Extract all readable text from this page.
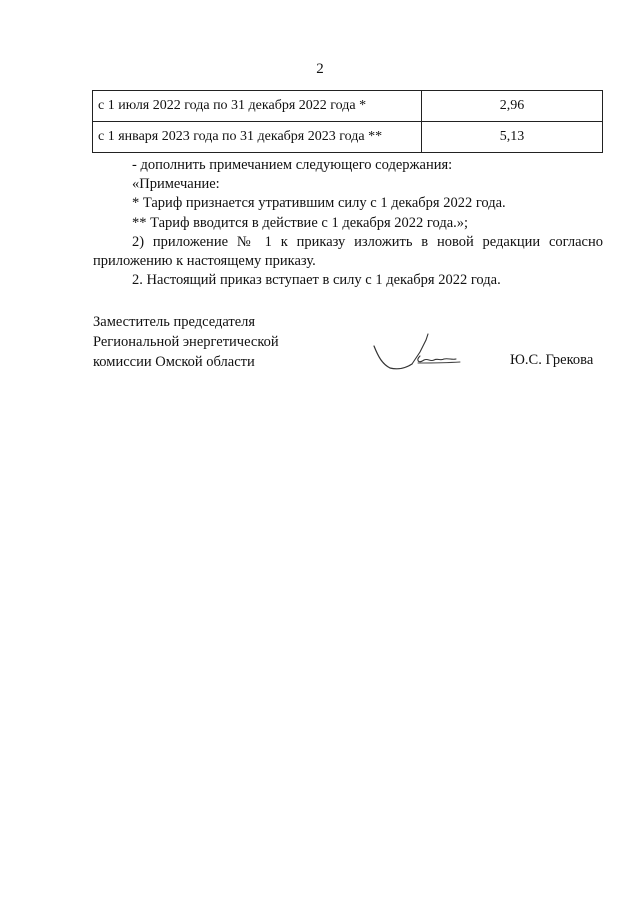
2
с 1 июля 2022 года по 31 декабря 2022 года *	2,96
с 1 января 2023 года по 31 декабря 2023 года **	5,13

- дополнить примечанием следующего содержания:

«Примечание:

* Тариф признается утратившим силу с 1 декабря 2022 года.

** Тариф вводится в действие с 1 декабря 2022 года.»;

2) приложение № 1 к приказу изложить в новой редакции согласно

приложению к настоящему приказу.

2. Настоящий приказ вступает в силу с 1 декабря 2022 года.

Заместитель председателя
Региональной энергетической
комиссии Омской области	Ю.С. Грекова
